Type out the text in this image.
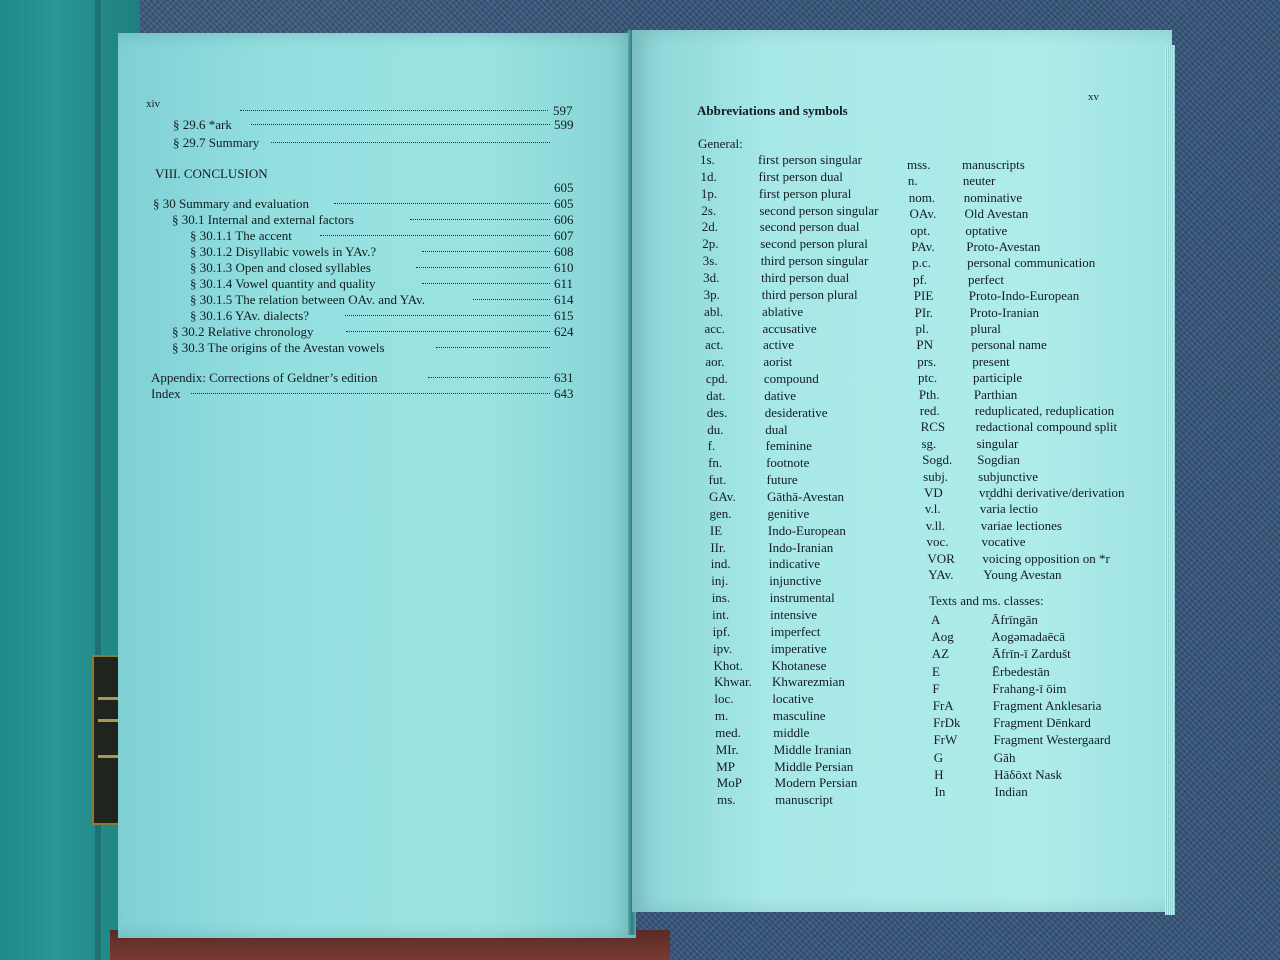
xiv	597
§ 29.6 *ark	599
§ 29.7 Summary
VIII. CONCLUSION
§ 30 Summary and evaluation	605
§ 30.1 Internal and external factors	606
§ 30.1.1 The accent	607
§ 30.1.2 Disyllabic vowels in YAv.?	608
§ 30.1.3 Open and closed syllables	610
§ 30.1.4 Vowel quantity and quality	611
§ 30.1.5 The relation between OAv. and YAv.	614
§ 30.1.6 YAv. dialects?	615
§ 30.2 Relative chronology	624
§ 30.3 The origins of the Avestan vowels
Appendix: Corrections of Geldner’s edition	631
Index	643
605
xv
Abbreviations and symbols
General:
Texts and ms. classes:
1s.	first person singular
1d.	first person dual
1p.	first person plural
2s.	second person singular
2d.	second person dual
2p.	second person plural
3s.	third person singular
3d.	third person dual
3p.	third person plural
abl.	ablative
acc.	accusative
act.	active
aor.	aorist
cpd.	compound
dat.	dative
des.	desiderative
du.	dual
f.	feminine
fn.	footnote
fut.	future
GAv. Gāthā-Avestan
gen.	genitive
IE	Indo-European
IIr.	Indo-Iranian
ind.	indicative
inj.	injunctive
ins.	instrumental
int.	intensive
ipf.	imperfect
ipv.	imperative
Khot. Khotanese
Khwar. Khwarezmian
loc.	locative
m.	masculine
med. middle
MIr.	Middle Iranian
MP	Middle Persian
MoP	Modern Persian
ms.	manuscript
mss. manuscripts
n.	neuter
nom. nominative
OAv. Old Avestan
opt.	optative
PAv. Proto-Avestan
p.c.	personal communication
pf.	perfect
PIE	Proto-Indo-European
PIr.	Proto-Iranian
pl.	plural
PN	personal name
prs.	present
ptc.	participle
Pth.	Parthian
red.	reduplicated, reduplication
RCS redactional compound split
sg.	singular
Sogd. Sogdian
subj. subjunctive
VD	vr̥ddhi derivative/derivation
v.l.	varia lectio
v.ll.	variae lectiones
voc.	vocative
VOR voicing opposition on *r
YAv. Young Avestan
A	Āfrīngān
Aog	Aogəmadaēcā
AZ	Āfrīn-ī Zardušt
E	Ērbedestān
F	Frahang-ī ōim
FrA	Fragment Anklesaria
FrDk	Fragment Dēnkard
FrW	Fragment Westergaard
G	Gāh
H	Hāδōxt Nask
In	Indian
